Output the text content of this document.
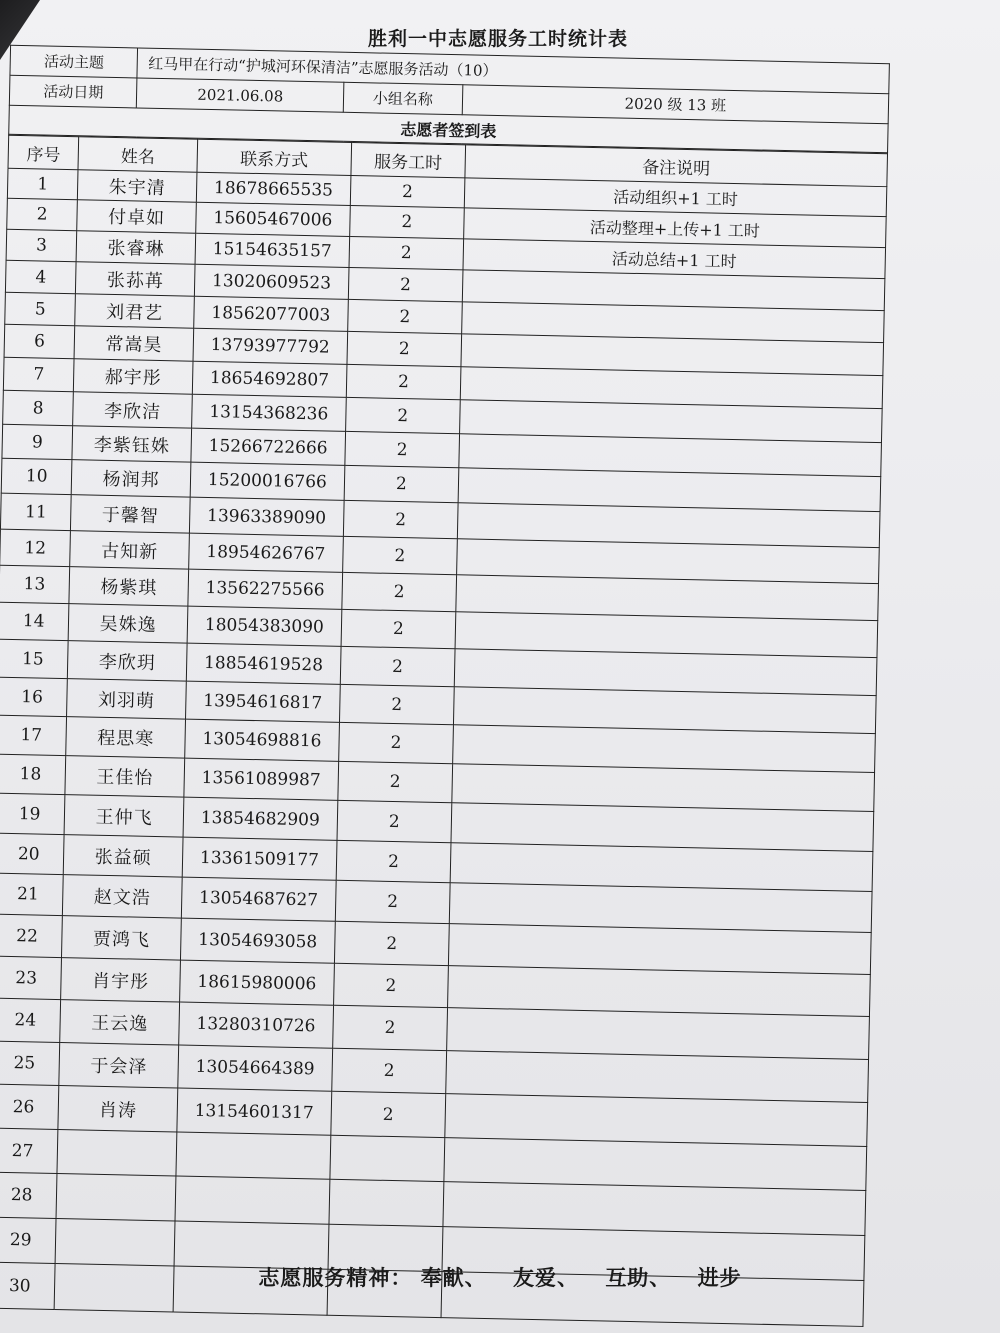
胜利一中志愿服务工时统计表
活动主题	红马甲在行动“护城河环保清洁”志愿服务活动（10）		
活动日期	2021.06.08	小组名称	2020 级 13 班
志愿者签到表			
序号	姓名	联系方式	服务工时	备注说明
1	朱宇清	18678665535	2	活动组织+1 工时
2	付卓如	15605467006	2	活动整理+上传+1 工时
3	张睿琳	15154635157	2	活动总结+1 工时
4	张荪苒	13020609523	2	
5	刘君艺	18562077003	2	
6	常嵩昊	13793977792	2	
7	郝宇彤	18654692807	2	
8	李欣洁	13154368236	2	
9	李紫钰姝	15266722666	2	
10	杨润邦	15200016766	2	
11	于馨智	13963389090	2	
12	古知新	18954626767	2	
13	杨紫琪	13562275566	2	
14	吴姝逸	18054383090	2	
15	李欣玥	18854619528	2	
16	刘羽萌	13954616817	2	
17	程思寒	13054698816	2	
18	王佳怡	13561089987	2	
19	王仲飞	13854682909	2	
20	张益硕	13361509177	2	
21	赵文浩	13054687627	2	
22	贾鸿飞	13054693058	2	
23	肖宇彤	18615980006	2	
24	王云逸	13280310726	2	
25	于会泽	13054664389	2	
26	肖涛	13154601317	2	
27				
28				
29				
30					志愿服务精神： 奉献、 友爱、 互助、 进步
